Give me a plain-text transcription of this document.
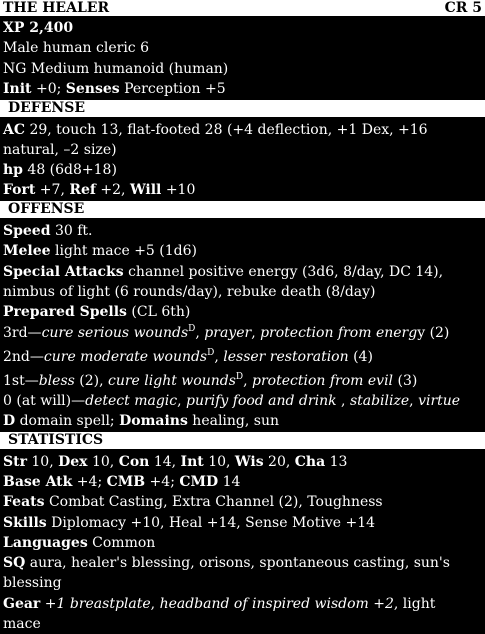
THE HEALER	CR 5
XP 2,400
Male human cleric 6
NG Medium humanoid (human)
Init +0; Senses Perception +5
DEFENSE
AC 29, touch 13, flat-footed 28 (+4 deflection, +1 Dex, +16
natural, –2 size)
hp 48 (6d8+18)
Fort +7, Ref +2, Will +10
OFFENSE
Speed 30 ft.
Melee light mace +5 (1d6)
Special Attacks channel positive energy (3d6, 8/day, DC 14),
nimbus of light (6 rounds/day), rebuke death (8/day)
Prepared Spells (CL 6th)
3rd—cure serious wounds$^D$, prayer, protection from energy (2)
2nd—cure moderate wounds$^D$, lesser restoration (4)
1st—bless (2), cure light wounds$^D$, protection from evil (3)
0 (at will)—detect magic, purify food and drink , stabilize, virtue
D domain spell; Domains healing, sun
STATISTICS
Str 10, Dex 10, Con 14, Int 10, Wis 20, Cha 13
Base Atk +4; CMB +4; CMD 14
Feats Combat Casting, Extra Channel (2), Toughness
Skills Diplomacy +10, Heal +14, Sense Motive +14
Languages Common
SQ aura, healer's blessing, orisons, spontaneous casting, sun's
blessing
Gear +1 breastplate, headband of inspired wisdom +2, light
mace
